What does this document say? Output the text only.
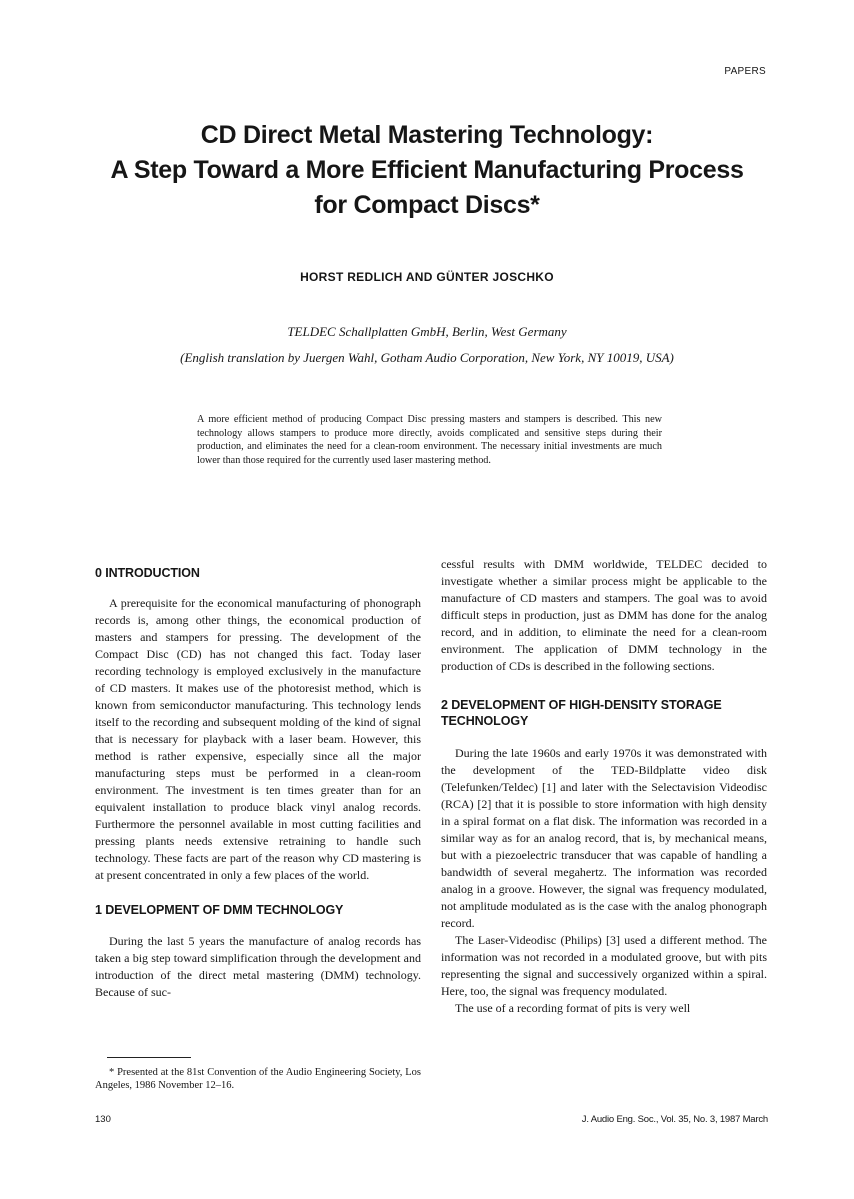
PAPERS
CD Direct Metal Mastering Technology:
A Step Toward a More Efficient Manufacturing Process
for Compact Discs*
HORST REDLICH AND GÜNTER JOSCHKO
TELDEC Schallplatten GmbH, Berlin, West Germany
(English translation by Juergen Wahl, Gotham Audio Corporation, New York, NY 10019, USA)
A more efficient method of producing Compact Disc pressing masters and stampers is described. This new technology allows stampers to produce more directly, avoids complicated and sensitive steps during their production, and eliminates the need for a clean-room environment. The necessary initial investments are much lower than those required for the currently used laser mastering method.
0 INTRODUCTION

A prerequisite for the economical manufacturing of phonograph records is, among other things, the economical production of masters and stampers for pressing. The development of the Compact Disc (CD) has not changed this fact. Today laser recording technology is employed exclusively in the manufacture of CD masters. It makes use of the photoresist method, which is known from semiconductor manufacturing. This technology lends itself to the recording and subsequent molding of the kind of signal that is necessary for playback with a laser beam. However, this method is rather expensive, especially since all the major manufacturing steps must be performed in a clean-room environment. The investment is ten times greater than for an equivalent installation to produce black vinyl analog records. Furthermore the personnel available in most cutting facilities and pressing plants needs extensive retraining to handle such technology. These facts are part of the reason why CD mastering is at present concentrated in only a few places of the world.

1 DEVELOPMENT OF DMM TECHNOLOGY

During the last 5 years the manufacture of analog records has taken a big step toward simplification through the development and introduction of the direct metal mastering (DMM) technology. Because of suc-

cessful results with DMM worldwide, TELDEC decided to investigate whether a similar process might be applicable to the manufacture of CD masters and stampers. The goal was to avoid difficult steps in production, just as DMM has done for the analog record, and in addition, to eliminate the need for a clean-room environment. The application of DMM technology in the production of CDs is described in the following sections.

2 DEVELOPMENT OF HIGH-DENSITY STORAGE TECHNOLOGY

During the late 1960s and early 1970s it was demonstrated with the development of the TED-Bildplatte video disk (Telefunken/Teldec) [1] and later with the Selectavision Videodisc (RCA) [2] that it is possible to store information with high density in a spiral format on a flat disk. The information was recorded in a similar way as for an analog record, that is, by mechanical means, but with a piezoelectric transducer that was capable of handling a bandwidth of several megahertz. The information was recorded analog in a groove. However, the signal was frequency modulated, not amplitude modulated as is the case with the analog phonograph record.

The Laser-Videodisc (Philips) [3] used a different method. The information was not recorded in a modulated groove, but with pits representing the signal and successively organized within a spiral. Here, too, the signal was frequency modulated.

The use of a recording format of pits is very well

* Presented at the 81st Convention of the Audio Engineering Society, Los Angeles, 1986 November 12–16.

130	J. Audio Eng. Soc., Vol. 35, No. 3, 1987 March
